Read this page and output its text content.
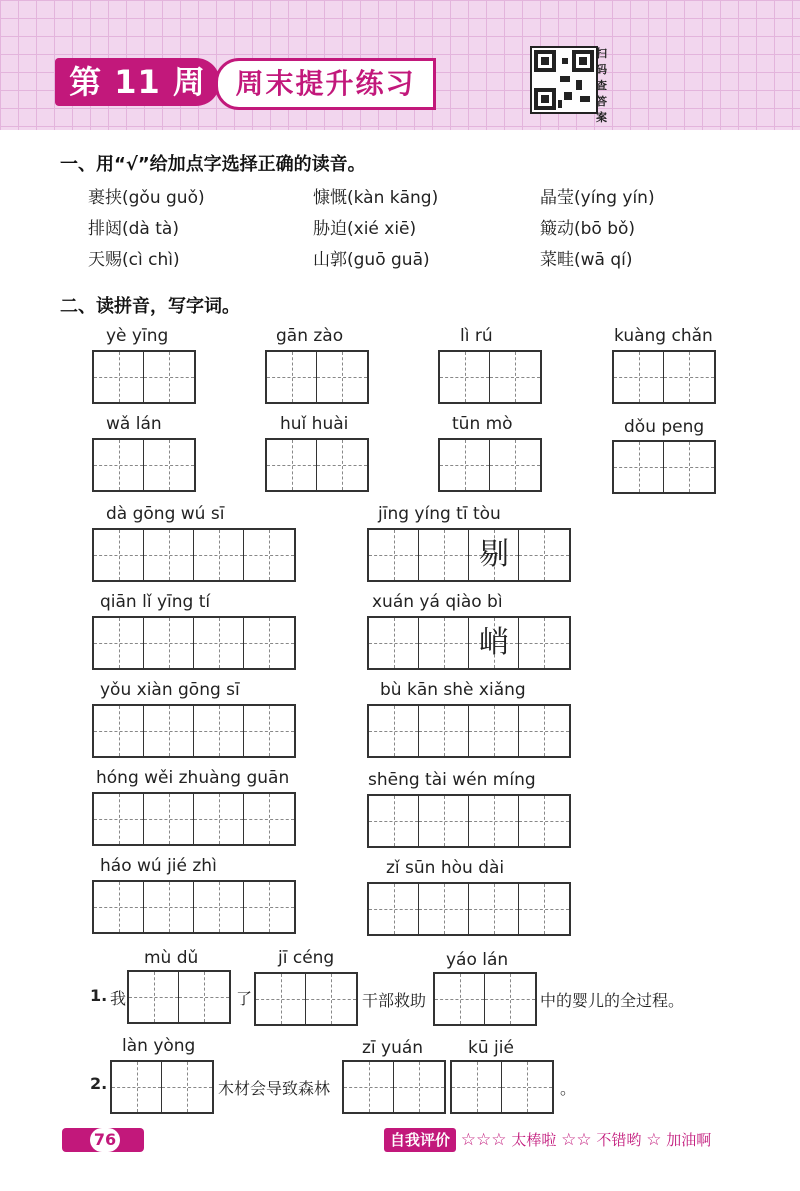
第 11 周	周末提升练习
扫码查答案
一、用“√”给加点字选择正确的读音。
裹挟(gǒu guǒ)	慷慨(kàn kāng)	晶莹(yíng yín)
排闼(dà tà)	胁迫(xié xiē)	簸动(bō bǒ)
天赐(cì chì)	山郭(guō guā)	菜畦(wā qí)
二、读拼音，写字词。
yè yīng	gān zào	lì rú	kuàng chǎn
wǎ lán	huǐ huài	tūn mò	dǒu peng
dà gōng wú sī	jīng yíng tī tòu
剔
qiān lǐ yīng tí	xuán yá qiào bì
峭
yǒu xiàn gōng sī	bù kān shè xiǎng
hóng wěi zhuàng guān	shēng tài wén míng
háo wú jié zhì	zǐ sūn hòu dài
mù dǔ	jī céng	yáo lán
1. 我	了	干部救助	中的婴儿的全过程。
làn yòng	zī yuán	kū jié
2.	木材会导致森林	。
76	自我评价 ☆☆☆ 太棒啦 ☆☆ 不错哟 ☆ 加油啊
